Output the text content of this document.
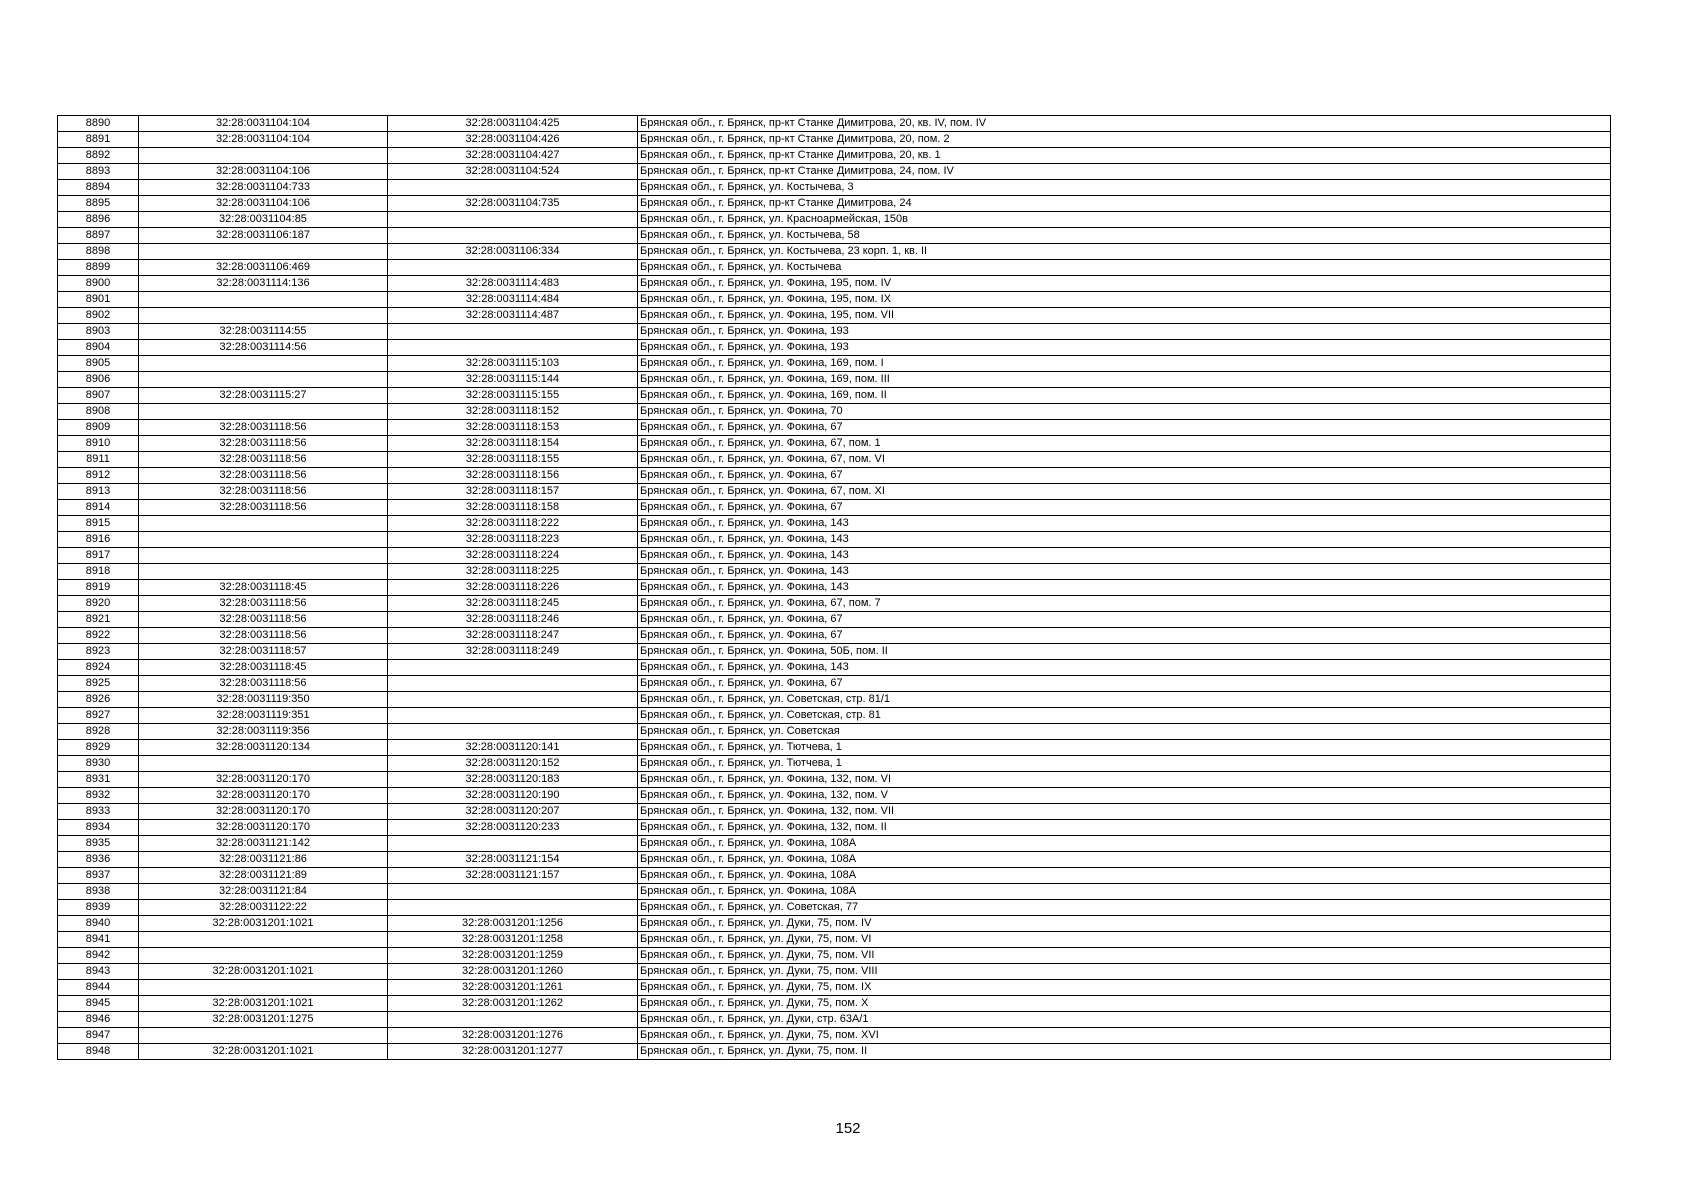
8890	32:28:0031104:104	32:28:0031104:425	Брянская обл., г. Брянск, пр-кт Станке Димитрова, 20, кв. IV, пом. IV
8891	32:28:0031104:104	32:28:0031104:426	Брянская обл., г. Брянск, пр-кт Станке Димитрова, 20, пом. 2
8892		32:28:0031104:427	Брянская обл., г. Брянск, пр-кт Станке Димитрова, 20, кв. 1
8893	32:28:0031104:106	32:28:0031104:524	Брянская обл., г. Брянск, пр-кт Станке Димитрова, 24, пом. IV
8894	32:28:0031104:733		Брянская обл., г. Брянск, ул. Костычева, 3
8895	32:28:0031104:106	32:28:0031104:735	Брянская обл., г. Брянск, пр-кт Станке Димитрова, 24
8896	32:28:0031104:85		Брянская обл., г. Брянск, ул. Красноармейская, 150в
8897	32:28:0031106:187		Брянская обл., г. Брянск, ул. Костычева, 58
8898		32:28:0031106:334	Брянская обл., г. Брянск, ул. Костычева, 23 корп. 1, кв. II
8899	32:28:0031106:469		Брянская обл., г. Брянск, ул. Костычева
8900	32:28:0031114:136	32:28:0031114:483	Брянская обл., г. Брянск, ул. Фокина, 195, пом. IV
8901		32:28:0031114:484	Брянская обл., г. Брянск, ул. Фокина, 195, пом. IX
8902		32:28:0031114:487	Брянская обл., г. Брянск, ул. Фокина, 195, пом. VII
8903	32:28:0031114:55		Брянская обл., г. Брянск, ул. Фокина, 193
8904	32:28:0031114:56		Брянская обл., г. Брянск, ул. Фокина, 193
8905		32:28:0031115:103	Брянская обл., г. Брянск, ул. Фокина, 169, пом. I
8906		32:28:0031115:144	Брянская обл., г. Брянск, ул. Фокина, 169, пом. III
8907	32:28:0031115:27	32:28:0031115:155	Брянская обл., г. Брянск, ул. Фокина, 169, пом. II
8908		32:28:0031118:152	Брянская обл., г. Брянск, ул. Фокина, 70
8909	32:28:0031118:56	32:28:0031118:153	Брянская обл., г. Брянск, ул. Фокина, 67
8910	32:28:0031118:56	32:28:0031118:154	Брянская обл., г. Брянск, ул. Фокина, 67, пом. 1
8911	32:28:0031118:56	32:28:0031118:155	Брянская обл., г. Брянск, ул. Фокина, 67, пом. VI
8912	32:28:0031118:56	32:28:0031118:156	Брянская обл., г. Брянск, ул. Фокина, 67
8913	32:28:0031118:56	32:28:0031118:157	Брянская обл., г. Брянск, ул. Фокина, 67, пом. XI
8914	32:28:0031118:56	32:28:0031118:158	Брянская обл., г. Брянск, ул. Фокина, 67
8915		32:28:0031118:222	Брянская обл., г. Брянск, ул. Фокина, 143
8916		32:28:0031118:223	Брянская обл., г. Брянск, ул. Фокина, 143
8917		32:28:0031118:224	Брянская обл., г. Брянск, ул. Фокина, 143
8918		32:28:0031118:225	Брянская обл., г. Брянск, ул. Фокина, 143
8919	32:28:0031118:45	32:28:0031118:226	Брянская обл., г. Брянск, ул. Фокина, 143
8920	32:28:0031118:56	32:28:0031118:245	Брянская обл., г. Брянск, ул. Фокина, 67, пом. 7
8921	32:28:0031118:56	32:28:0031118:246	Брянская обл., г. Брянск, ул. Фокина, 67
8922	32:28:0031118:56	32:28:0031118:247	Брянская обл., г. Брянск, ул. Фокина, 67
8923	32:28:0031118:57	32:28:0031118:249	Брянская обл., г. Брянск, ул. Фокина, 50Б, пом. II
8924	32:28:0031118:45		Брянская обл., г. Брянск, ул. Фокина, 143
8925	32:28:0031118:56		Брянская обл., г. Брянск, ул. Фокина, 67
8926	32:28:0031119:350		Брянская обл., г. Брянск, ул. Советская, стр. 81/1
8927	32:28:0031119:351		Брянская обл., г. Брянск, ул. Советская, стр. 81
8928	32:28:0031119:356		Брянская обл., г. Брянск, ул. Советская
8929	32:28:0031120:134	32:28:0031120:141	Брянская обл., г. Брянск, ул. Тютчева, 1
8930		32:28:0031120:152	Брянская обл., г. Брянск, ул. Тютчева, 1
8931	32:28:0031120:170	32:28:0031120:183	Брянская обл., г. Брянск, ул. Фокина, 132, пом. VI
8932	32:28:0031120:170	32:28:0031120:190	Брянская обл., г. Брянск, ул. Фокина, 132, пом. V
8933	32:28:0031120:170	32:28:0031120:207	Брянская обл., г. Брянск, ул. Фокина, 132, пом. VII
8934	32:28:0031120:170	32:28:0031120:233	Брянская обл., г. Брянск, ул. Фокина, 132, пом. II
8935	32:28:0031121:142		Брянская обл., г. Брянск, ул. Фокина, 108А
8936	32:28:0031121:86	32:28:0031121:154	Брянская обл., г. Брянск, ул. Фокина, 108А
8937	32:28:0031121:89	32:28:0031121:157	Брянская обл., г. Брянск, ул. Фокина, 108А
8938	32:28:0031121:84		Брянская обл., г. Брянск, ул. Фокина, 108А
8939	32:28:0031122:22		Брянская обл., г. Брянск, ул. Советская, 77
8940	32:28:0031201:1021	32:28:0031201:1256	Брянская обл., г. Брянск, ул. Дуки, 75, пом. IV
8941		32:28:0031201:1258	Брянская обл., г. Брянск, ул. Дуки, 75, пом. VI
8942		32:28:0031201:1259	Брянская обл., г. Брянск, ул. Дуки, 75, пом. VII
8943	32:28:0031201:1021	32:28:0031201:1260	Брянская обл., г. Брянск, ул. Дуки, 75, пом. VIII
8944		32:28:0031201:1261	Брянская обл., г. Брянск, ул. Дуки, 75, пом. IX
8945	32:28:0031201:1021	32:28:0031201:1262	Брянская обл., г. Брянск, ул. Дуки, 75, пом. X
8946	32:28:0031201:1275		Брянская обл., г. Брянск, ул. Дуки, стр. 63А/1
8947		32:28:0031201:1276	Брянская обл., г. Брянск, ул. Дуки, 75, пом. XVI
8948	32:28:0031201:1021	32:28:0031201:1277	Брянская обл., г. Брянск, ул. Дуки, 75, пом. II
152
